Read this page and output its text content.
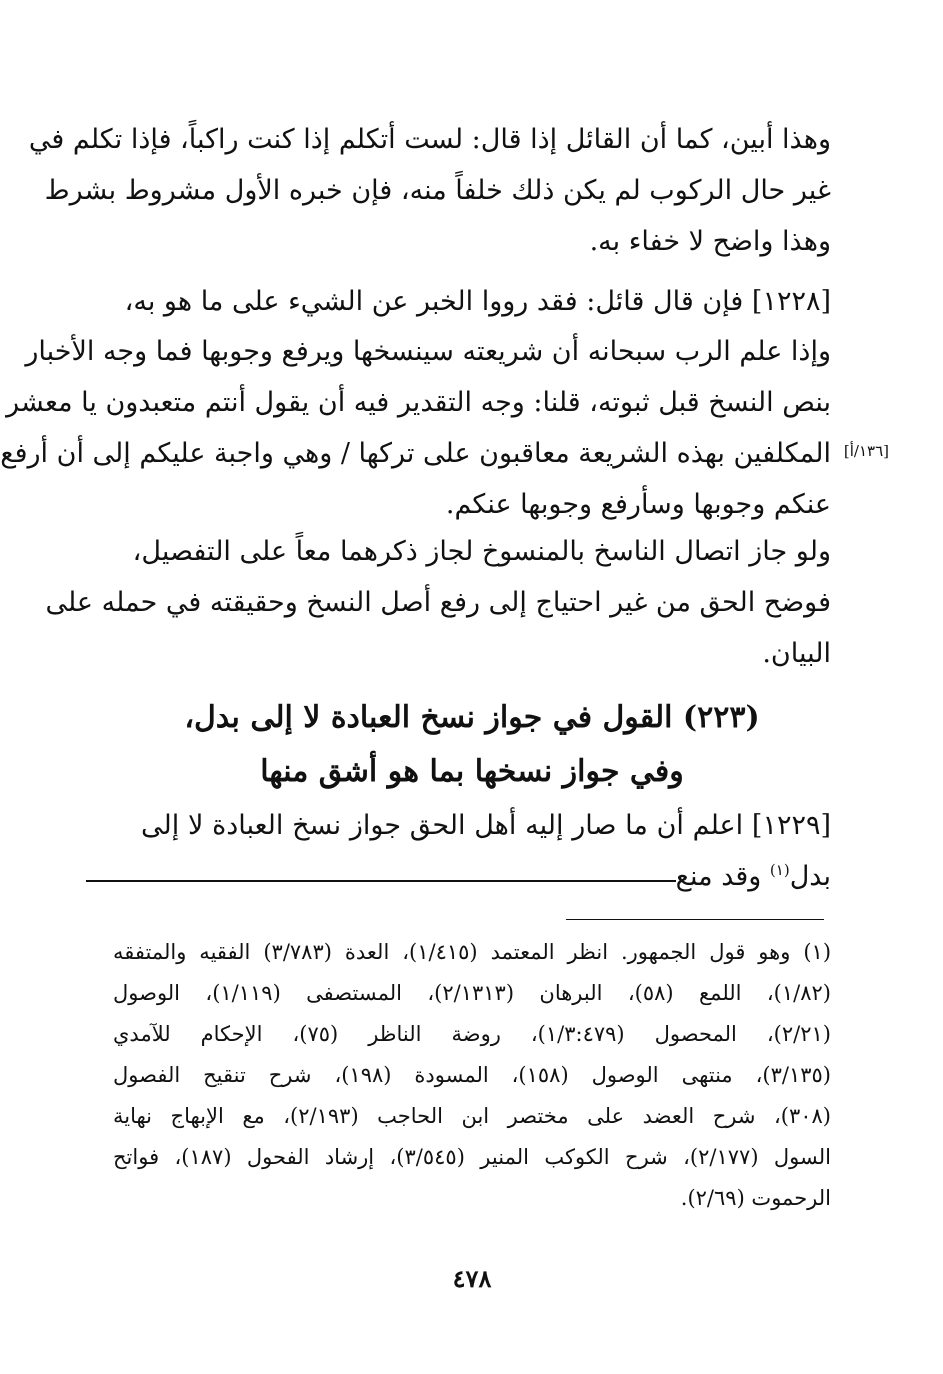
وهذا أبين، كما أن القائل إذا قال: لست أتكلم إذا كنت راكباً، فإذا تكلم في
غير حال الركوب لم يكن ذلك خلفاً منه، فإن خبره الأول مشروط بشرط
وهذا واضح لا خفاء به.
[١٢٢٨] فإن قال قائل: فقد رووا الخبر عن الشيء على ما هو به،
وإذا علم الرب سبحانه أن شريعته سينسخها ويرفع وجوبها فما وجه الأخبار
بنص النسخ قبل ثبوته، قلنا: وجه التقدير فيه أن يقول أنتم متعبدون يا معشر
المكلفين بهذه الشريعة معاقبون على تركها / وهي واجبة عليكم إلى أن أرفع
عنكم وجوبها وسأرفع وجوبها عنكم.
[١٣٦/أ]
ولو جاز اتصال الناسخ بالمنسوخ لجاز ذكرهما معاً على التفصيل،
فوضح الحق من غير احتياج إلى رفع أصل النسخ وحقيقته في حمله على
البيان.
(٢٢٣) القول في جواز نسخ العبادة لا إلى بدل،
وفي جواز نسخها بما هو أشق منها
[١٢٢٩] اعلم أن ما صار إليه أهل الحق جواز نسخ العبادة لا إلى
بدل$^{(١)}$ وقد منع
(١) وهو قول الجمهور. انظر المعتمد (١/٤١٥)، العدة (٣/٧٨٣) الفقيه والمتفقه
(١/٨٢)، اللمع (٥٨)، البرهان (٢/١٣١٣)، المستصفى (١/١١٩)، الوصول
(٢/٢١)، المحصول (١/٣:٤٧٩)، روضة الناظر (٧٥)، الإحكام للآمدي
(٣/١٣٥)، منتهى الوصول (١٥٨)، المسودة (١٩٨)، شرح تنقيح الفصول
(٣٠٨)، شرح العضد على مختصر ابن الحاجب (٢/١٩٣)، مع الإبهاج نهاية
السول (٢/١٧٧)، شرح الكوكب المنير (٣/٥٤٥)، إرشاد الفحول (١٨٧)، فواتح
الرحموت (٢/٦٩).
٤٧٨
